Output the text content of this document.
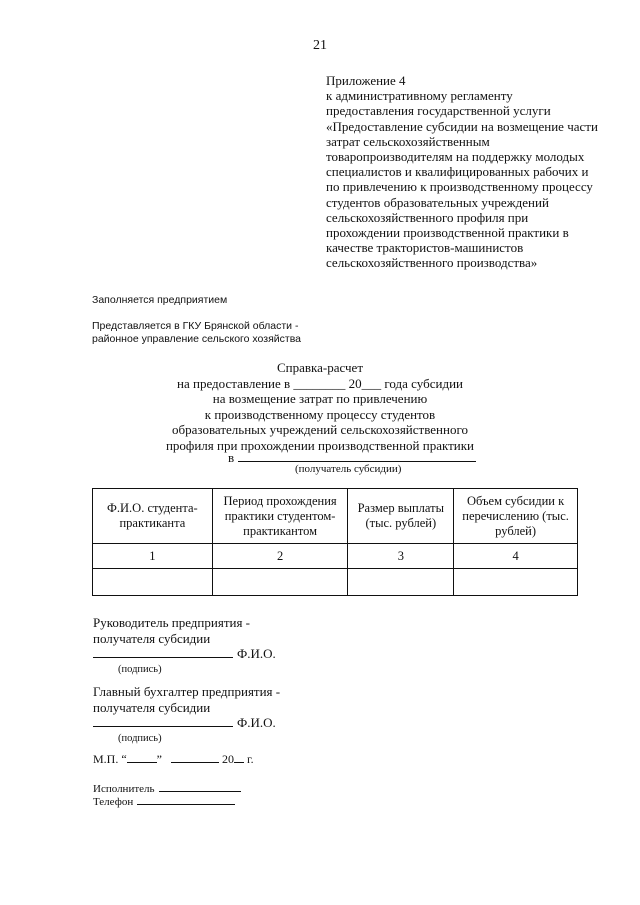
21
Приложение 4
к административному регламенту
предоставления государственной услуги
«Предоставление субсидии на возмещение части
затрат сельскохозяйственным
товаропроизводителям на поддержку молодых
специалистов и квалифицированных рабочих и
по привлечению к производственному процессу
студентов образовательных учреждений
сельскохозяйственного профиля при
прохождении производственной практики в
качестве трактористов-машинистов
сельскохозяйственного производства»
Заполняется предприятием
Представляется в ГКУ Брянской области -
районное управление сельского хозяйства
Справка-расчет
на предоставление в ________ 20___ года субсидии
на возмещение затрат по привлечению
к производственному процессу студентов
образовательных учреждений сельскохозяйственного
профиля при прохождении производственной практики
в
(получатель субсидии)
Ф.И.О. студента-практиканта	Период прохождения практики студентом-практикантом	Размер выплаты (тыс. рублей)	Объем субсидии к перечислению (тыс. рублей)
1	2	3	4

Руководитель предприятия -
получателя субсидии
Ф.И.О.
(подпись)
Главный бухгалтер предприятия -
получателя субсидии
Ф.И.О.
(подпись)
М.П. “	”	20 г.
Исполнитель
Телефон
